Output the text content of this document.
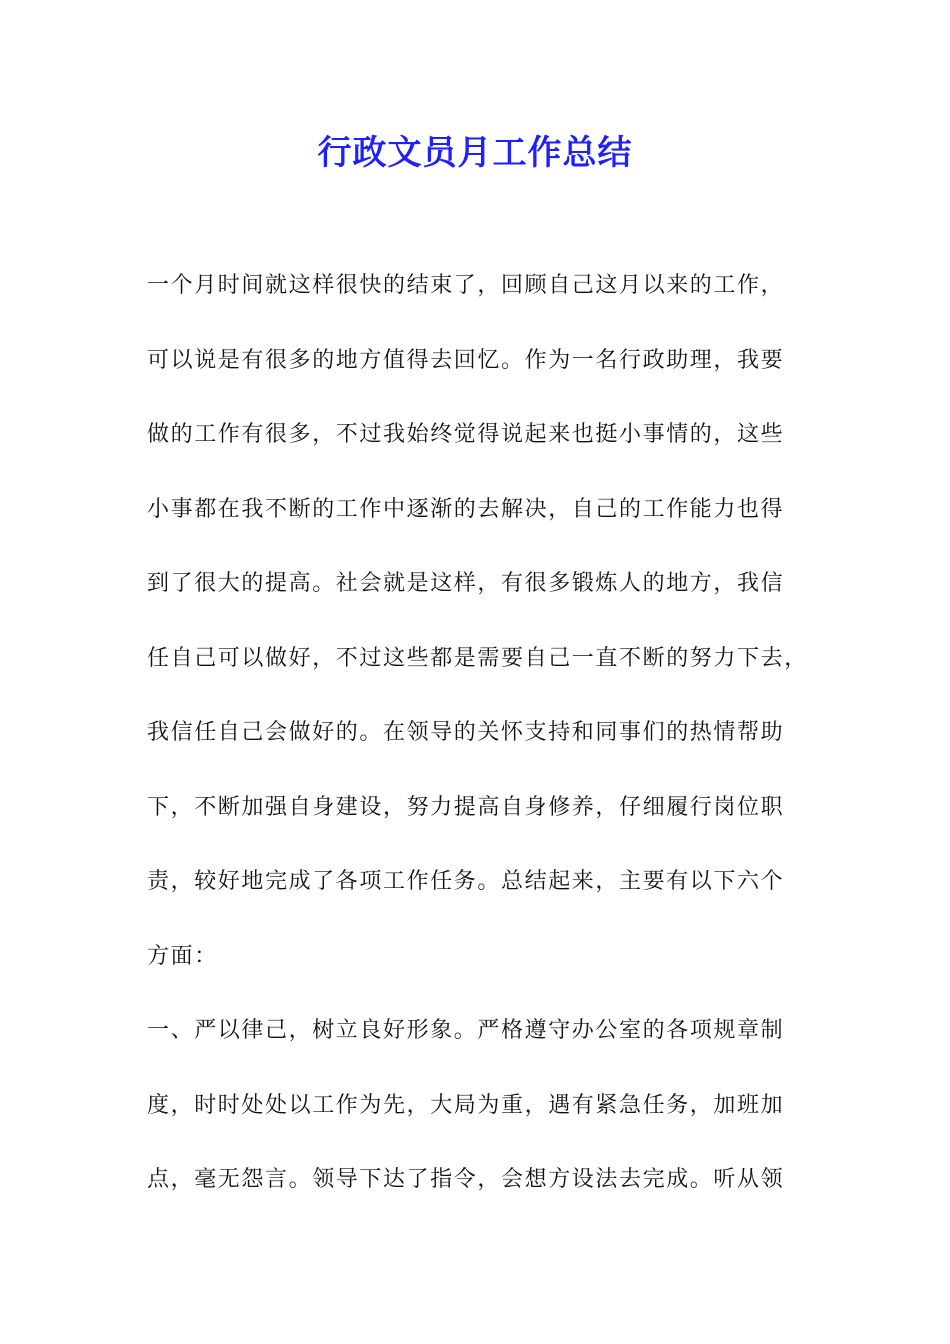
行政文员月工作总结
一个月时间就这样很快的结束了，回顾自己这月以来的工作，
可以说是有很多的地方值得去回忆。作为一名行政助理，我要
做的工作有很多，不过我始终觉得说起来也挺小事情的，这些
小事都在我不断的工作中逐渐的去解决，自己的工作能力也得
到了很大的提高。社会就是这样，有很多锻炼人的地方，我信
任自己可以做好，不过这些都是需要自己一直不断的努力下去，
我信任自己会做好的。在领导的关怀支持和同事们的热情帮助
下，不断加强自身建设，努力提高自身修养，仔细履行岗位职
责，较好地完成了各项工作任务。总结起来，主要有以下六个
方面：
一、严以律己，树立良好形象。严格遵守办公室的各项规章制
度，时时处处以工作为先，大局为重，遇有紧急任务，加班加
点，毫无怨言。领导下达了指令，会想方设法去完成。听从领
